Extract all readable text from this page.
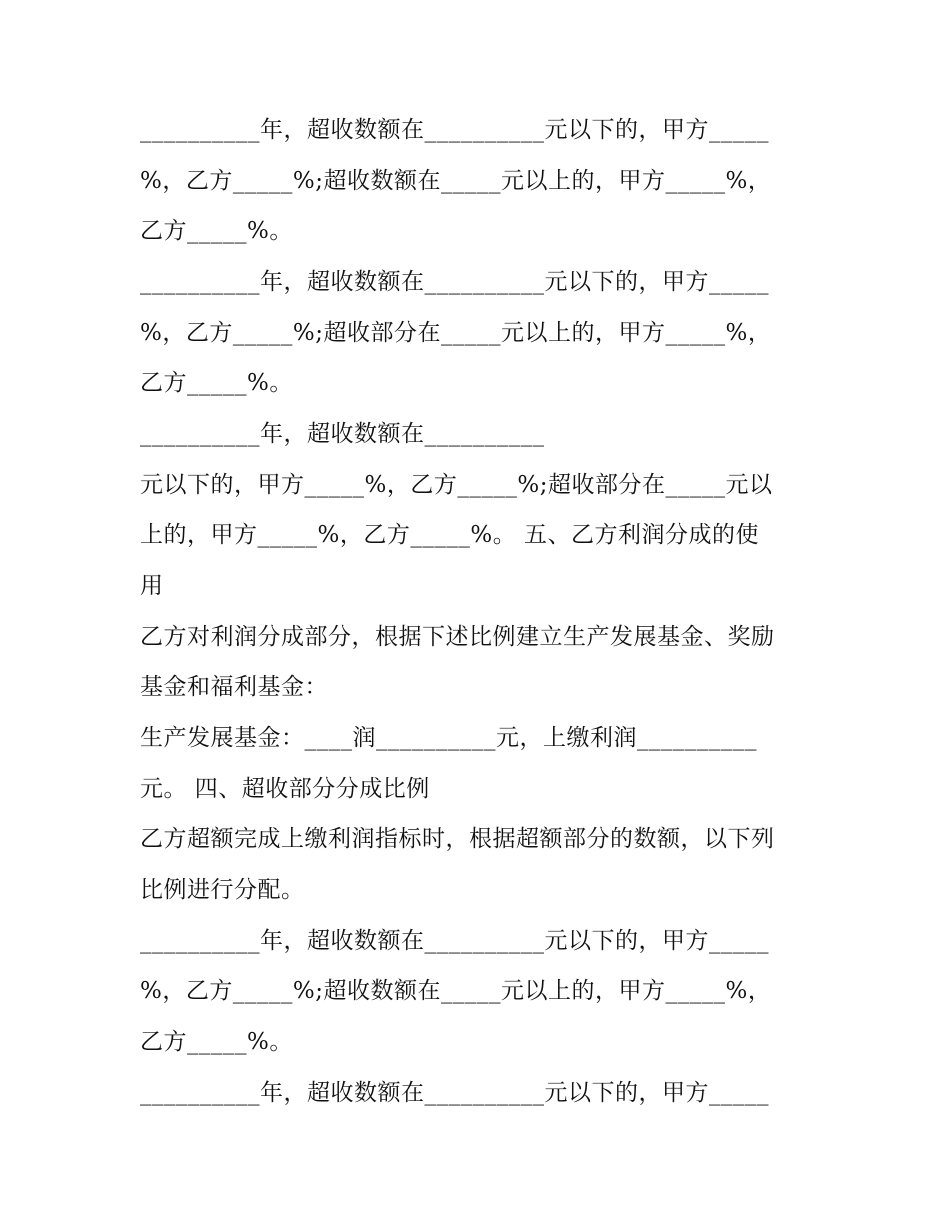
__________年，超收数额在__________元以下的，甲方_____
%，乙方_____%;超收数额在_____元以上的，甲方_____%，
乙方_____%。
__________年，超收数额在__________元以下的，甲方_____
%，乙方_____%;超收部分在_____元以上的，甲方_____%，
乙方_____%。
__________年，超收数额在__________
元以下的，甲方_____%，乙方_____%;超收部分在_____元以
上的，甲方_____%，乙方_____%。 五、乙方利润分成的使
用
乙方对利润分成部分，根据下述比例建立生产发展基金、奖励
基金和福利基金：
生产发展基金：____润__________元，上缴利润__________
元。 四、超收部分分成比例
乙方超额完成上缴利润指标时，根据超额部分的数额，以下列
比例进行分配。
__________年，超收数额在__________元以下的，甲方_____
%，乙方_____%;超收数额在_____元以上的，甲方_____%，
乙方_____%。
__________年，超收数额在__________元以下的，甲方_____
